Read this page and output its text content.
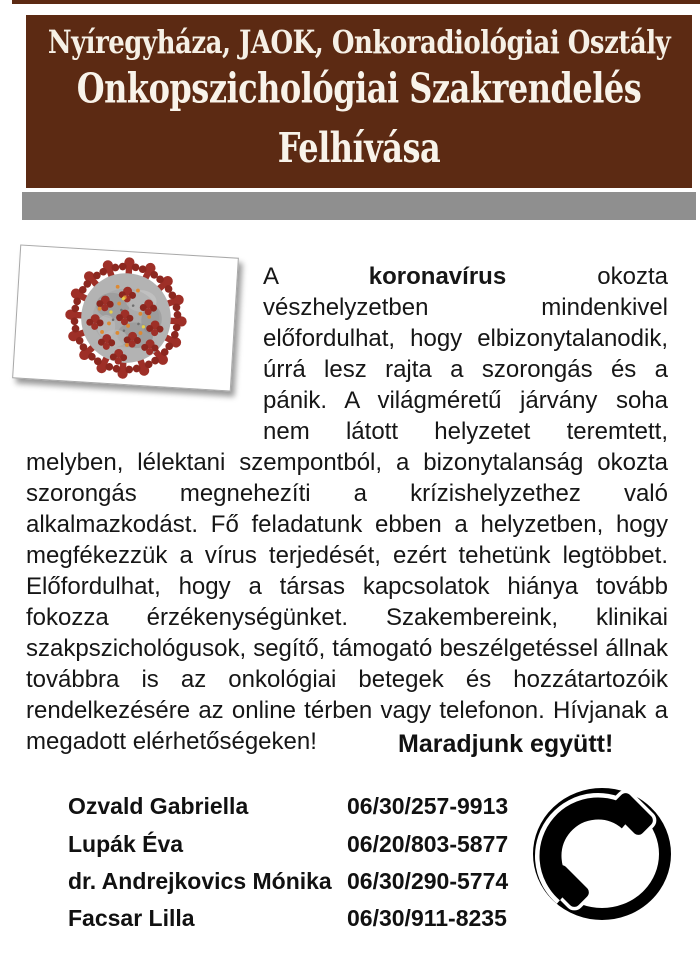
Nyíregyháza, JAOK, Onkoradiológiai Osztály
Onkopszichológiai Szakrendelés
Felhívása

A koronavírus okozta vészhelyzetben mindenkivel előfordulhat, hogy elbizonytalanodik, úrrá lesz rajta a szorongás és a pánik. A világméretű járvány soha nem látott helyzetet teremtett, melyben, lélektani szempontból, a bizonytalanság okozta szorongás megnehezíti a krízishelyzethez való alkalmazkodást. Fő feladatunk ebben a helyzetben, hogy megfékezzük a vírus terjedését, ezért tehetünk legtöbbet. Előfordulhat, hogy a társas kapcsolatok hiánya tovább fokozza érzékenységünket. Szakembereink, klinikai szakpszichológusok, segítő, támogató beszélgetéssel állnak továbbra is az onkológiai betegek és hozzátartozóik rendelkezésére az online térben vagy telefonon. Hívjanak a megadott elérhetőségeken!	Maradjunk együtt!
Ozvald Gabriella	06/30/257-9913
Lupák Éva	06/20/803-5877
dr. Andrejkovics Mónika 06/30/290-5774
Facsar Lilla	06/30/911-8235
